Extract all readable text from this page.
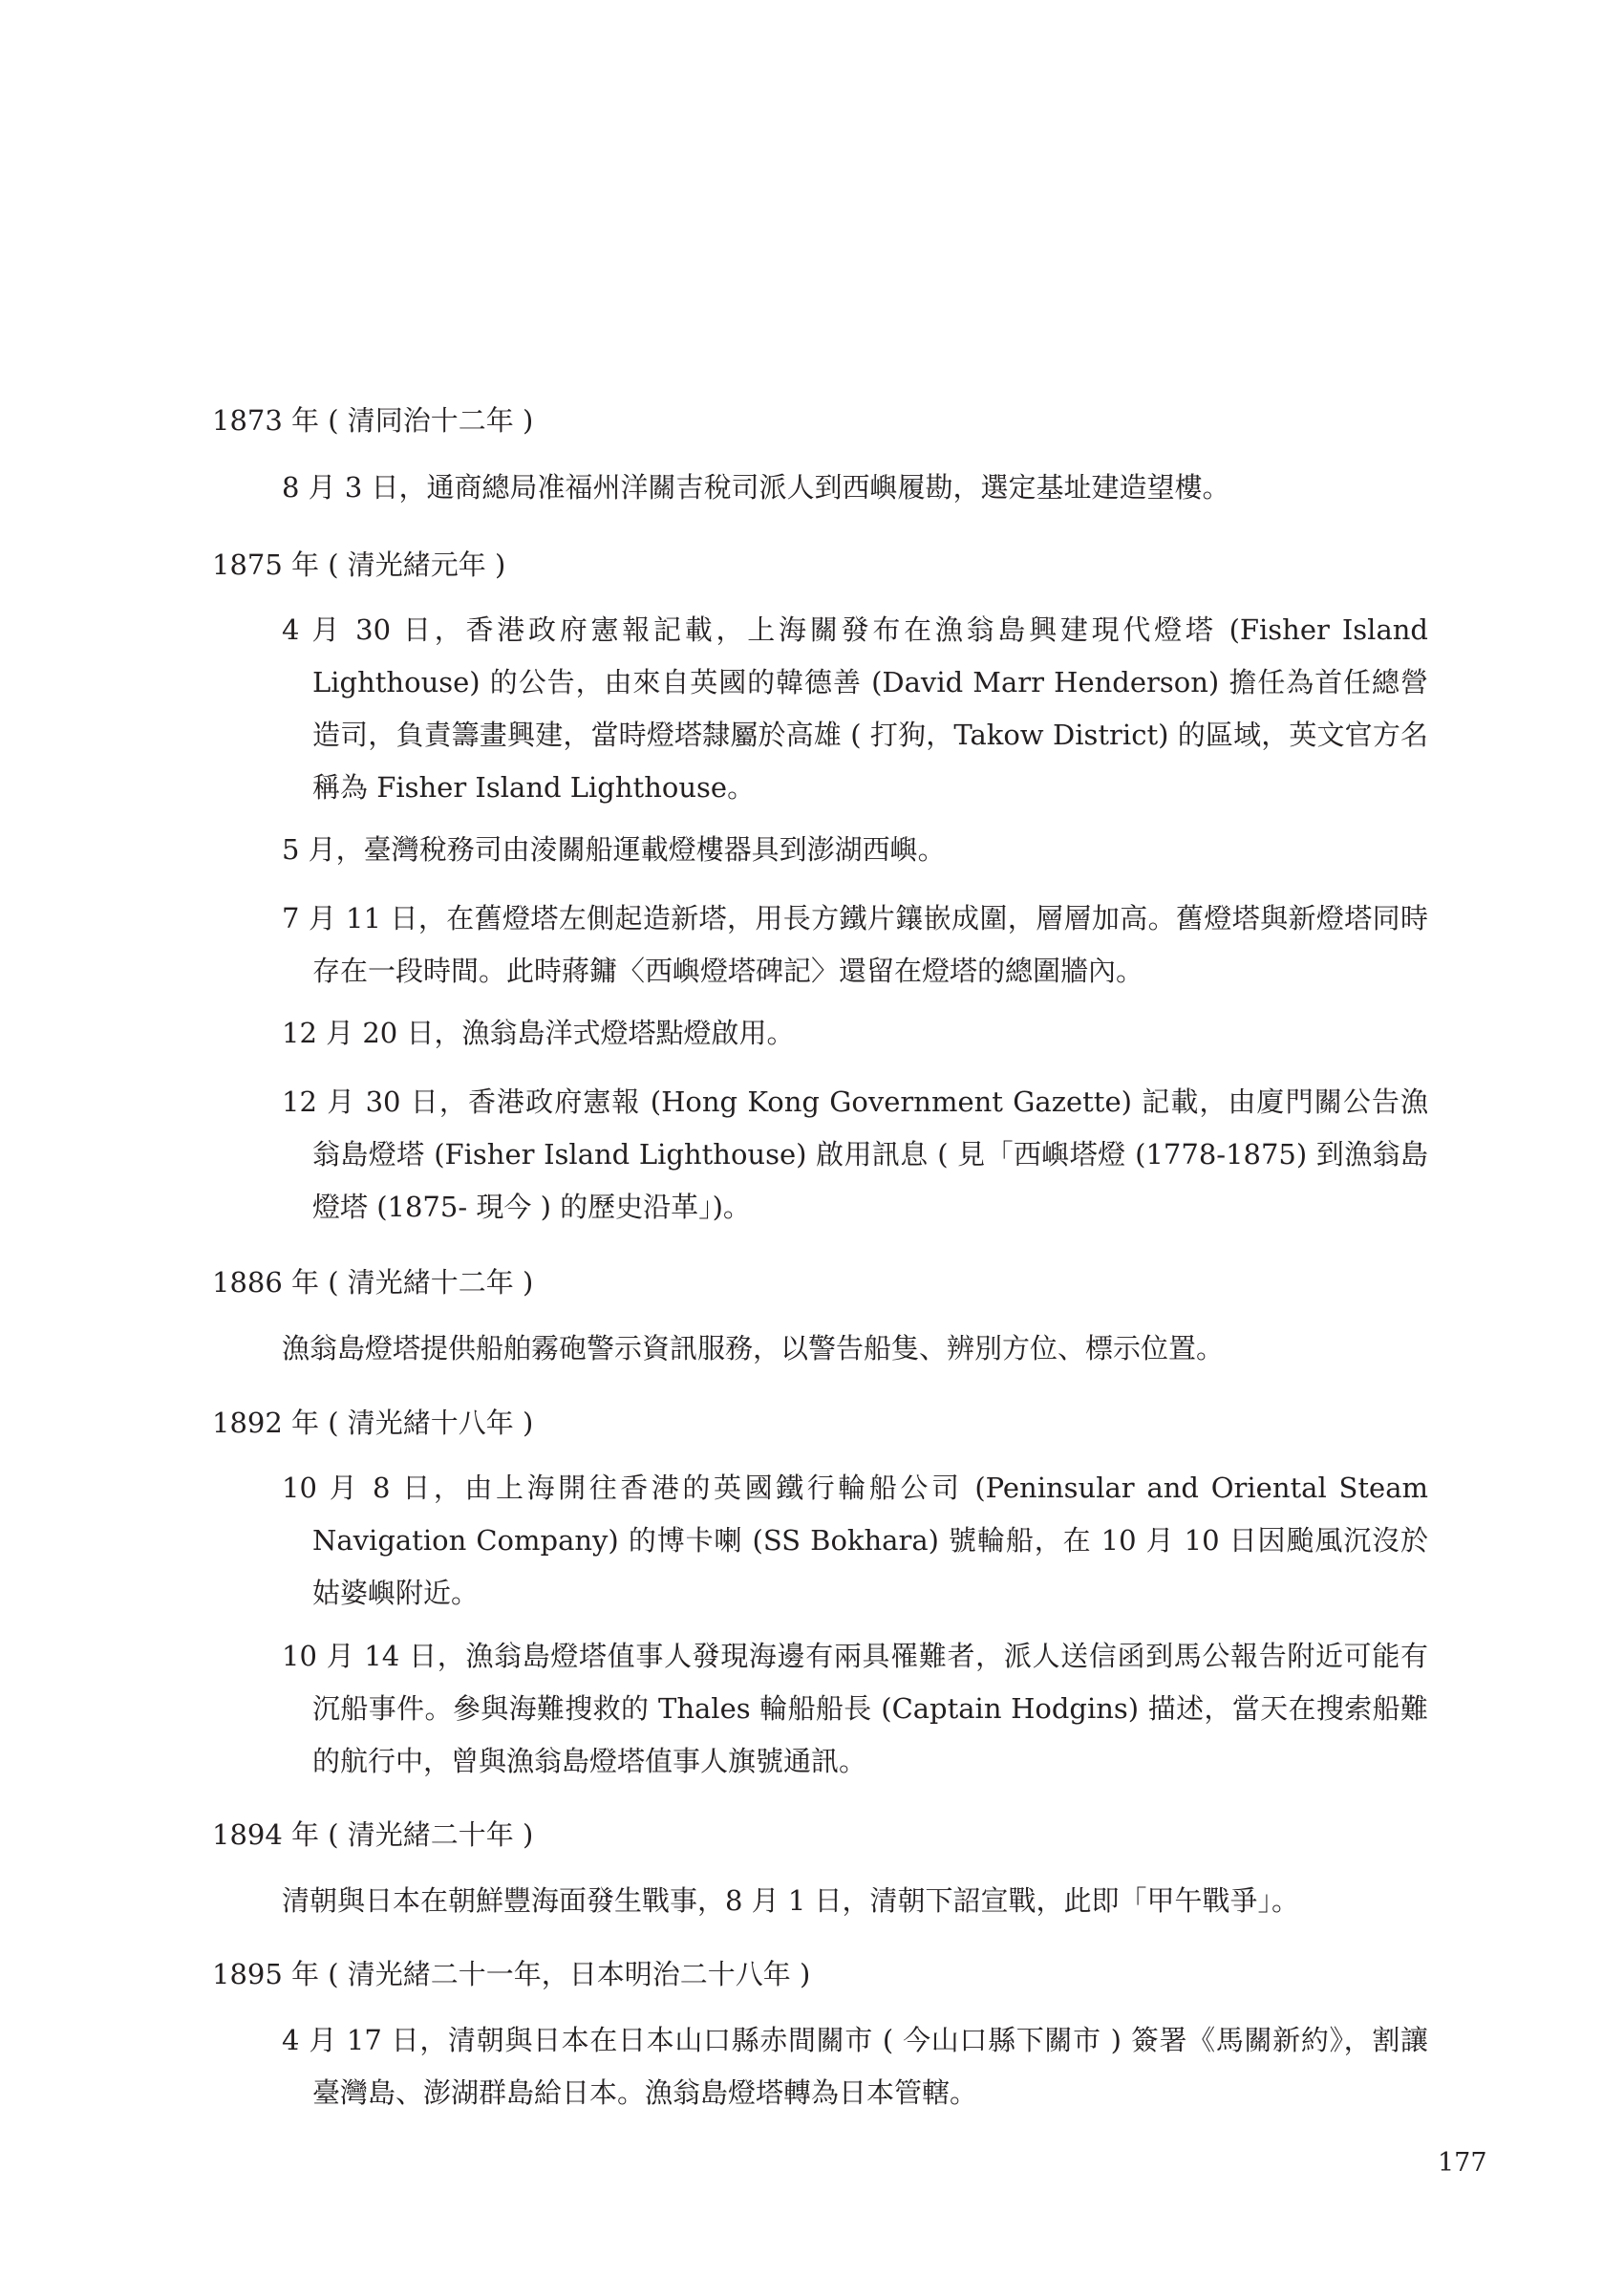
1873 年 ( 清同治十二年 )
8 月 3 日，通商總局准福州洋關吉稅司派人到西嶼履勘，選定基址建造望樓。
1875 年 ( 清光緒元年 )
4 月 30 日，香港政府憲報記載，上海關發布在漁翁島興建現代燈塔 (Fisher Island Lighthouse) 的公告，由來自英國的韓德善 (David Marr Henderson) 擔任為首任總營造司，負責籌畫興建，當時燈塔隸屬於高雄 ( 打狗，Takow District) 的區域，英文官方名稱為 Fisher Island Lighthouse。
5 月，臺灣稅務司由淩關船運載燈樓器具到澎湖西嶼。
7 月 11 日，在舊燈塔左側起造新塔，用長方鐵片鑲嵌成圍，層層加高。舊燈塔與新燈塔同時存在一段時間。此時蔣鏞〈西嶼燈塔碑記〉還留在燈塔的總圍牆內。
12 月 20 日，漁翁島洋式燈塔點燈啟用。
12 月 30 日，香港政府憲報 (Hong Kong Government Gazette) 記載，由廈門關公告漁翁島燈塔 (Fisher Island Lighthouse) 啟用訊息 ( 見「西嶼塔燈 (1778-1875) 到漁翁島燈塔 (1875- 現今 ) 的歷史沿革」)。
1886 年 ( 清光緒十二年 )
漁翁島燈塔提供船舶霧砲警示資訊服務，以警告船隻、辨別方位、標示位置。
1892 年 ( 清光緒十八年 )
10 月 8 日，由上海開往香港的英國鐵行輪船公司 (Peninsular and Oriental Steam Navigation Company) 的博卡喇 (SS Bokhara) 號輪船，在 10 月 10 日因颱風沉沒於姑婆嶼附近。
10 月 14 日，漁翁島燈塔值事人發現海邊有兩具罹難者，派人送信函到馬公報告附近可能有沉船事件。參與海難搜救的 Thales 輪船船長 (Captain Hodgins) 描述，當天在搜索船難的航行中，曾與漁翁島燈塔值事人旗號通訊。
1894 年 ( 清光緒二十年 )
清朝與日本在朝鮮豐海面發生戰事，8 月 1 日，清朝下詔宣戰，此即「甲午戰爭」。
1895 年 ( 清光緒二十一年，日本明治二十八年 )
4 月 17 日，清朝與日本在日本山口縣赤間關市 ( 今山口縣下關市 ) 簽署《馬關新約》，割讓臺灣島、澎湖群島給日本。漁翁島燈塔轉為日本管轄。
177
